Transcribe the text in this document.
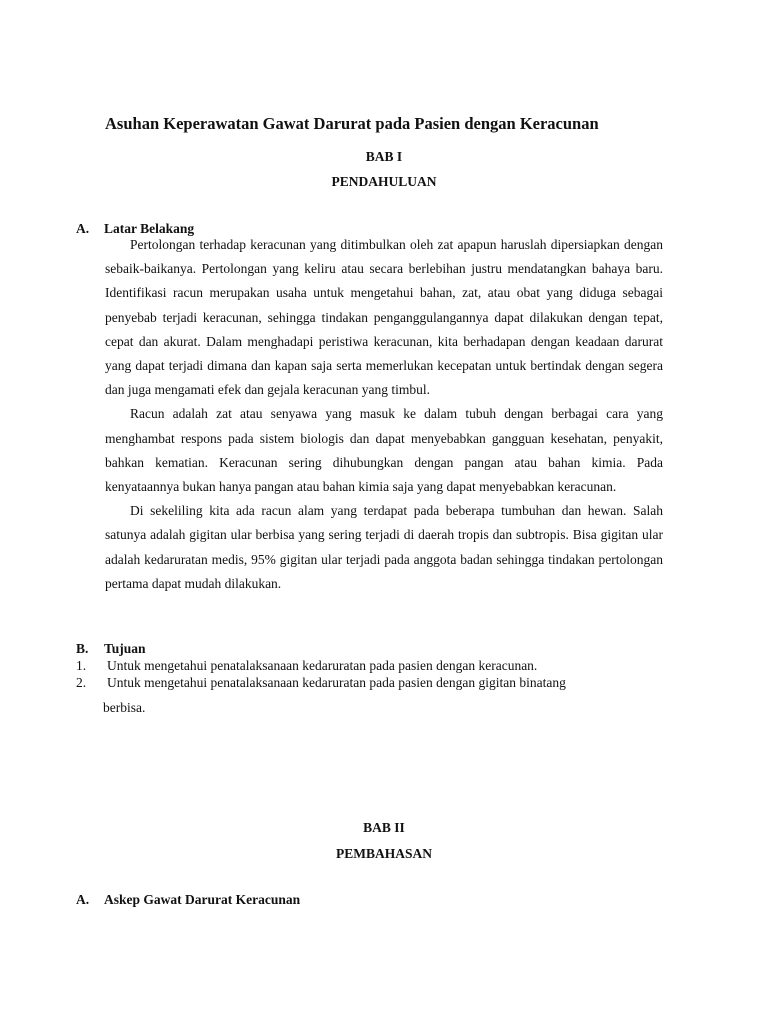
Asuhan Keperawatan Gawat Darurat pada Pasien dengan Keracunan
BAB I
PENDAHULUAN
A. Latar Belakang

Pertolongan terhadap keracunan yang ditimbulkan oleh zat apapun haruslah dipersiapkan dengan sebaik-baikanya. Pertolongan yang keliru atau secara berlebihan justru mendatangkan bahaya baru. Identifikasi racun merupakan usaha untuk mengetahui bahan, zat, atau obat yang diduga sebagai penyebab terjadi keracunan, sehingga tindakan penganggulangannya dapat dilakukan dengan tepat, cepat dan akurat. Dalam menghadapi peristiwa keracunan, kita berhadapan dengan keadaan darurat yang dapat terjadi dimana dan kapan saja serta memerlukan kecepatan untuk bertindak dengan segera dan juga mengamati efek dan gejala keracunan yang timbul.

Racun adalah zat atau senyawa yang masuk ke dalam tubuh dengan berbagai cara yang menghambat respons pada sistem biologis dan dapat menyebabkan gangguan kesehatan, penyakit, bahkan kematian. Keracunan sering dihubungkan dengan pangan atau bahan kimia. Pada kenyataannya bukan hanya pangan atau bahan kimia saja yang dapat menyebabkan keracunan.

Di sekeliling kita ada racun alam yang terdapat pada beberapa tumbuhan dan hewan. Salah satunya adalah gigitan ular berbisa yang sering terjadi di daerah tropis dan subtropis. Bisa gigitan ular adalah kedaruratan medis, 95% gigitan ular terjadi pada anggota badan sehingga tindakan pertolongan pertama dapat mudah dilakukan.

B. Tujuan
1. Untuk mengetahui penatalaksanaan kedaruratan pada pasien dengan keracunan.
2. Untuk mengetahui penatalaksanaan kedaruratan pada pasien dengan gigitan binatang
berbisa.
BAB II
PEMBAHASAN
A. Askep Gawat Darurat Keracunan
